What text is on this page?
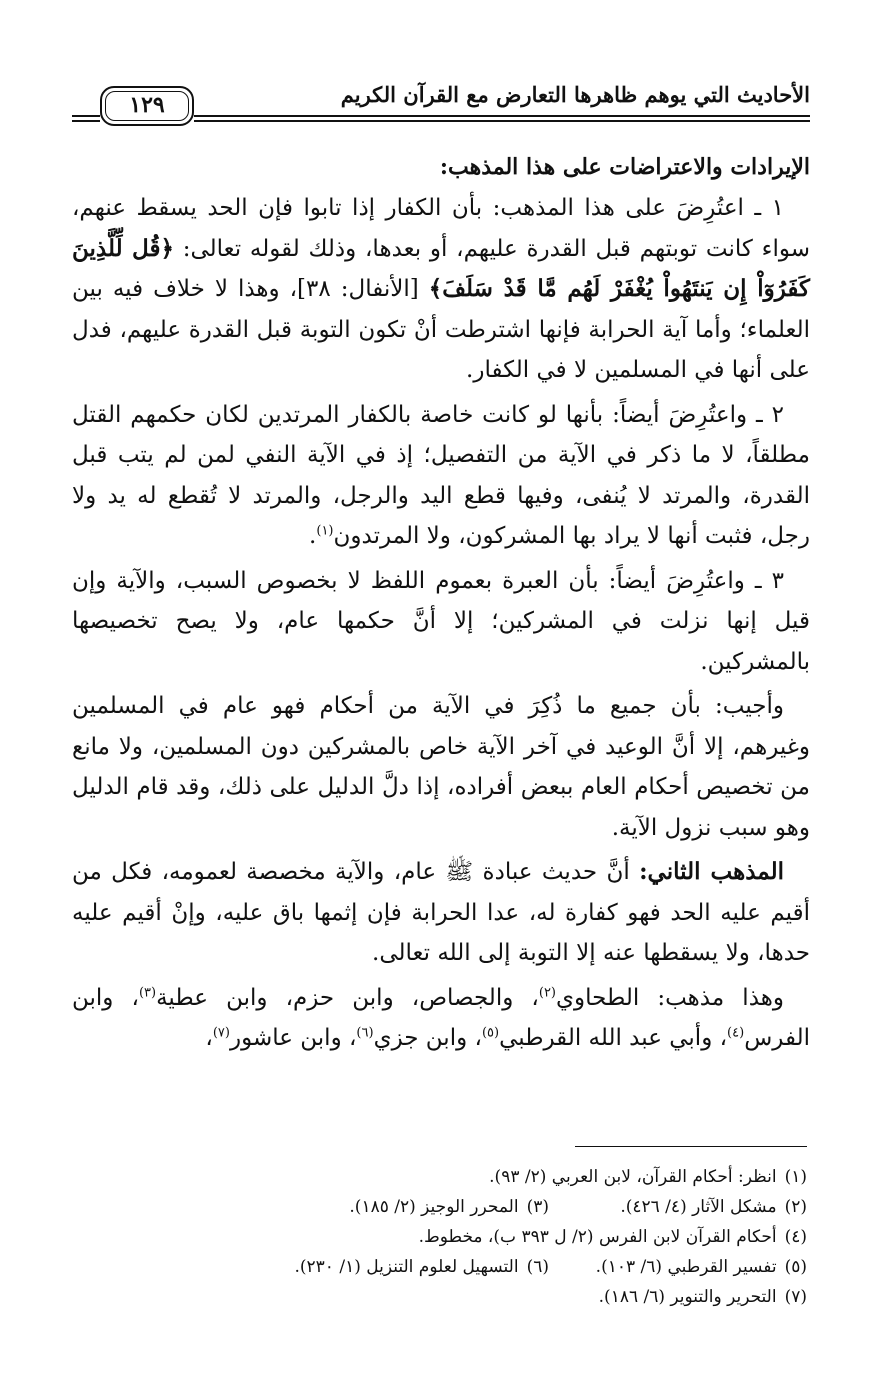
الأحاديث التي يوهم ظاهرها التعارض مع القرآن الكريم
١٢٩
الإيرادات والاعتراضات على هذا المذهب:

١ ـ اعتُرِضَ على هذا المذهب: بأن الكفار إذا تابوا فإن الحد يسقط عنهم، سواء كانت توبتهم قبل القدرة عليهم، أو بعدها، وذلك لقوله تعالى: ﴿قُل لِّلَّذِينَ كَفَرُوٓاْ إِن يَنتَهُواْ يُغْفَرْ لَهُم مَّا قَدْ سَلَفَ﴾ [الأنفال: ٣٨]، وهذا لا خلاف فيه بين العلماء؛ وأما آية الحرابة فإنها اشترطت أنْ تكون التوبة قبل القدرة عليهم، فدل على أنها في المسلمين لا في الكفار.

٢ ـ واعتُرِضَ أيضاً: بأنها لو كانت خاصة بالكفار المرتدين لكان حكمهم القتل مطلقاً، لا ما ذكر في الآية من التفصيل؛ إذ في الآية النفي لمن لم يتب قبل القدرة، والمرتد لا يُنفى، وفيها قطع اليد والرجل، والمرتد لا تُقطع له يد ولا رجل، فثبت أنها لا يراد بها المشركون، ولا المرتدون$^{(١)}$.

٣ ـ واعتُرِضَ أيضاً: بأن العبرة بعموم اللفظ لا بخصوص السبب، والآية وإن قيل إنها نزلت في المشركين؛ إلا أنَّ حكمها عام، ولا يصح تخصيصها بالمشركين.

وأجيب: بأن جميع ما ذُكِرَ في الآية من أحكام فهو عام في المسلمين وغيرهم، إلا أنَّ الوعيد في آخر الآية خاص بالمشركين دون المسلمين، ولا مانع من تخصيص أحكام العام ببعض أفراده، إذا دلَّ الدليل على ذلك، وقد قام الدليل وهو سبب نزول الآية.

المذهب الثاني: أنَّ حديث عبادة ﷺ عام، والآية مخصصة لعمومه، فكل من أقيم عليه الحد فهو كفارة له، عدا الحرابة فإن إثمها باق عليه، وإنْ أقيم عليه حدها، ولا يسقطها عنه إلا التوبة إلى الله تعالى.

وهذا مذهب: الطحاوي$^{(٢)}$، والجصاص، وابن حزم، وابن عطية$^{(٣)}$، وابن الفرس$^{(٤)}$، وأبي عبد الله القرطبي$^{(٥)}$، وابن جزي$^{(٦)}$، وابن عاشور$^{(٧)}$،

(١)انظر: أحكام القرآن، لابن العربي (٢/ ٩٣).
(٢)مشكل الآثار (٤/ ٤٢٦).
(٣)المحرر الوجيز (٢/ ١٨٥).
(٤)أحكام القرآن لابن الفرس (٢/ ل ٣٩٣ ب)، مخطوط.
(٥)تفسير القرطبي (٦/ ١٠٣).
(٦)التسهيل لعلوم التنزيل (١/ ٢٣٠).
(٧)التحرير والتنوير (٦/ ١٨٦).
